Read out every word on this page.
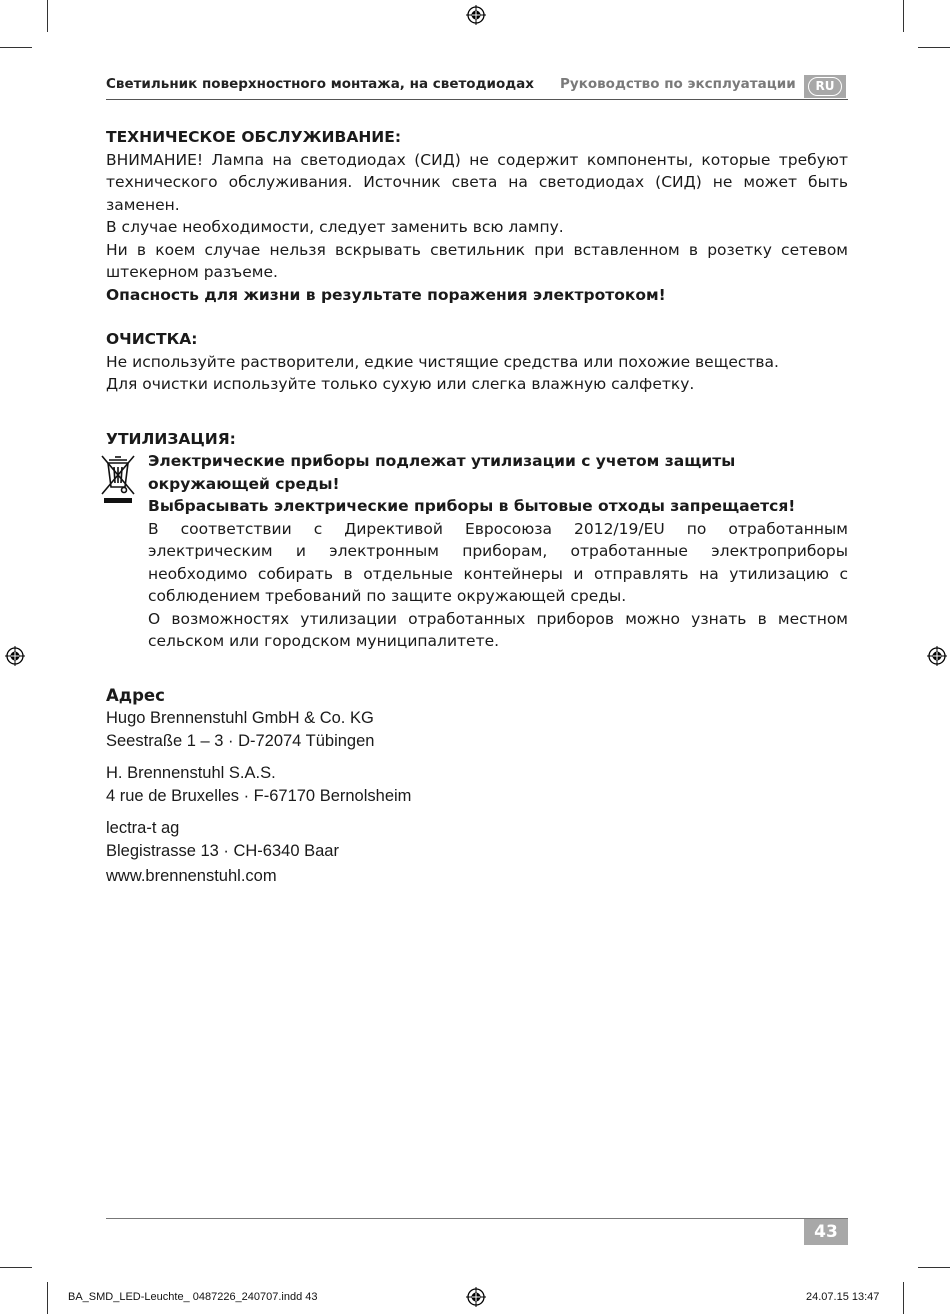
Светильник поверхностного монтажа, на светодиодах Руководство по эксплуатации	RU

ТЕХНИЧЕСКОЕ ОБСЛУЖИВАНИЕ:

ВНИМАНИЕ! Лампа на светодиодах (СИД) не содержит компоненты, которые требуют технического обслуживания. Источник света на светодиодах (СИД) не может быть заменен.

В случае необходимости, следует заменить всю лампу.

Ни в коем случае нельзя вскрывать светильник при вставленном в розетку сетевом штекерном разъеме.

Опасность для жизни в результате поражения электротоком!

ОЧИСТКА:

Не используйте растворители, едкие чистящие средства или похожие вещества.

Для очистки используйте только сухую или слегка влажную салфетку.

УТИЛИЗАЦИЯ:

Электрические приборы подлежат утилизации с учетом защиты окружающей среды!

Выбрасывать электрические приборы в бытовые отходы запрещается!

В соответствии с Директивой Евросоюза 2012/19/EU по отработанным электрическим и электронным приборам, отработанные электроприборы необходимо собирать в отдельные контейнеры и отправлять на утилизацию с соблюдением требований по защите окружающей среды.

О возможностях утилизации отработанных приборов можно узнать в местном сельском или городском муниципалитете.

Адрес

Hugo Brennenstuhl GmbH & Co. KG

Seestraße 1 – 3 · D-72074 Tübingen

H. Brennenstuhl S.A.S.

4 rue de Bruxelles · F-67170 Bernolsheim

lectra-t ag

Blegistrasse 13 · CH-6340 Baar

www.brennenstuhl.com

43
BA_SMD_LED-Leuchte_ 0487226_240707.indd 43	24.07.15 13:47
